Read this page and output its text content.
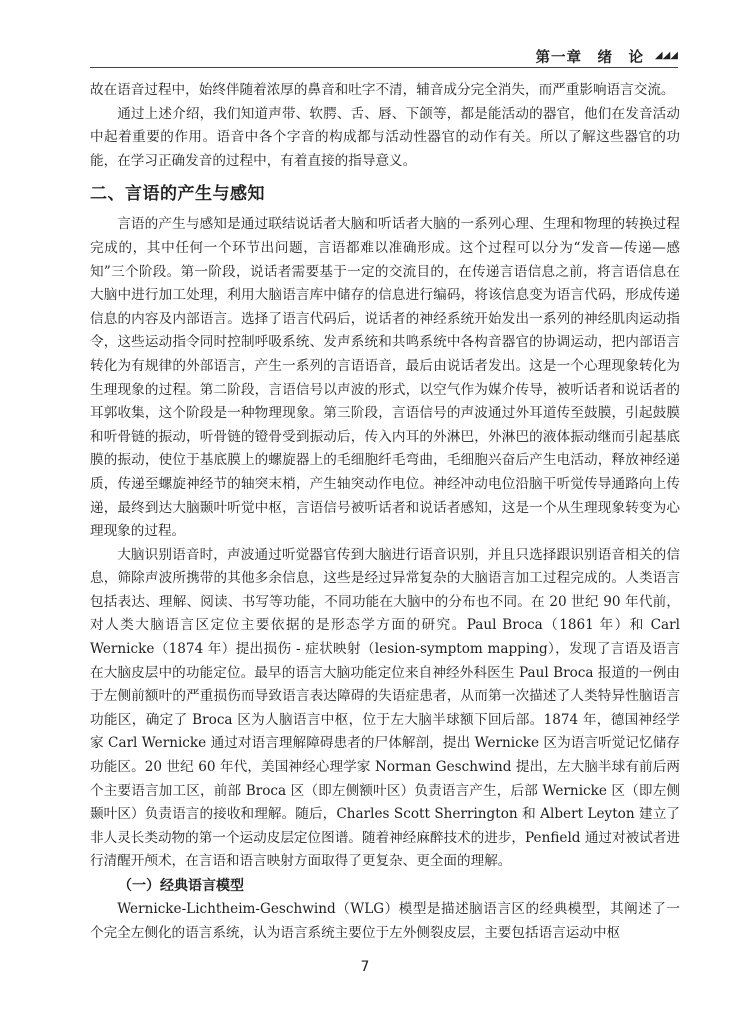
第一章　绪　论 ◢◢◢

故在语音过程中，始终伴随着浓厚的鼻音和吐字不清，辅音成分完全消失，而严重影响语言交流。

通过上述介绍，我们知道声带、软腭、舌、唇、下颌等，都是能活动的器官，他们在发音活动中起着重要的作用。语音中各个字音的构成都与活动性器官的动作有关。所以了解这些器官的功能，在学习正确发音的过程中，有着直接的指导意义。

二、言语的产生与感知

言语的产生与感知是通过联结说话者大脑和听话者大脑的一系列心理、生理和物理的转换过程完成的，其中任何一个环节出问题，言语都难以准确形成。这个过程可以分为“发音—传递—感知”三个阶段。第一阶段，说话者需要基于一定的交流目的，在传递言语信息之前，将言语信息在大脑中进行加工处理，利用大脑语言库中储存的信息进行编码，将该信息变为语言代码，形成传递信息的内容及内部语言。选择了语言代码后，说话者的神经系统开始发出一系列的神经肌肉运动指令，这些运动指令同时控制呼吸系统、发声系统和共鸣系统中各构音器官的协调运动，把内部语言转化为有规律的外部语言，产生一系列的言语语音，最后由说话者发出。这是一个心理现象转化为生理现象的过程。第二阶段，言语信号以声波的形式，以空气作为媒介传导，被听话者和说话者的耳郭收集，这个阶段是一种物理现象。第三阶段，言语信号的声波通过外耳道传至鼓膜，引起鼓膜和听骨链的振动，听骨链的镫骨受到振动后，传入内耳的外淋巴，外淋巴的液体振动继而引起基底膜的振动，使位于基底膜上的螺旋器上的毛细胞纤毛弯曲，毛细胞兴奋后产生电活动，释放神经递质，传递至螺旋神经节的轴突末梢，产生轴突动作电位。神经冲动电位沿脑干听觉传导通路向上传递，最终到达大脑颞叶听觉中枢，言语信号被听话者和说话者感知，这是一个从生理现象转变为心理现象的过程。

大脑识别语音时，声波通过听觉器官传到大脑进行语音识别，并且只选择跟识别语音相关的信息，筛除声波所携带的其他多余信息，这些是经过异常复杂的大脑语言加工过程完成的。人类语言包括表达、理解、阅读、书写等功能，不同功能在大脑中的分布也不同。在 20 世纪 90 年代前，对人类大脑语言区定位主要依据的是形态学方面的研究。Paul Broca（1861 年）和 Carl Wernicke（1874 年）提出损伤 - 症状映射（lesion-symptom mapping），发现了言语及语言在大脑皮层中的功能定位。最早的语言大脑功能定位来自神经外科医生 Paul Broca 报道的一例由于左侧前额叶的严重损伤而导致语言表达障碍的失语症患者，从而第一次描述了人类特异性脑语言功能区，确定了 Broca 区为人脑语言中枢，位于左大脑半球额下回后部。1874 年，德国神经学家 Carl Wernicke 通过对语言理解障碍患者的尸体解剖，提出 Wernicke 区为语言听觉记忆储存功能区。20 世纪 60 年代，美国神经心理学家 Norman Geschwind 提出，左大脑半球有前后两个主要语言加工区，前部 Broca 区（即左侧额叶区）负责语言产生，后部 Wernicke 区（即左侧颞叶区）负责语言的接收和理解。随后，Charles Scott Sherrington 和 Albert Leyton 建立了非人灵长类动物的第一个运动皮层定位图谱。随着神经麻醉技术的进步，Penfield 通过对被试者进行清醒开颅术，在言语和语言映射方面取得了更复杂、更全面的理解。

（一）经典语言模型

Wernicke-Lichtheim-Geschwind（WLG）模型是描述脑语言区的经典模型，其阐述了一个完全左侧化的语言系统，认为语言系统主要位于左外侧裂皮层，主要包括语言运动中枢

7
